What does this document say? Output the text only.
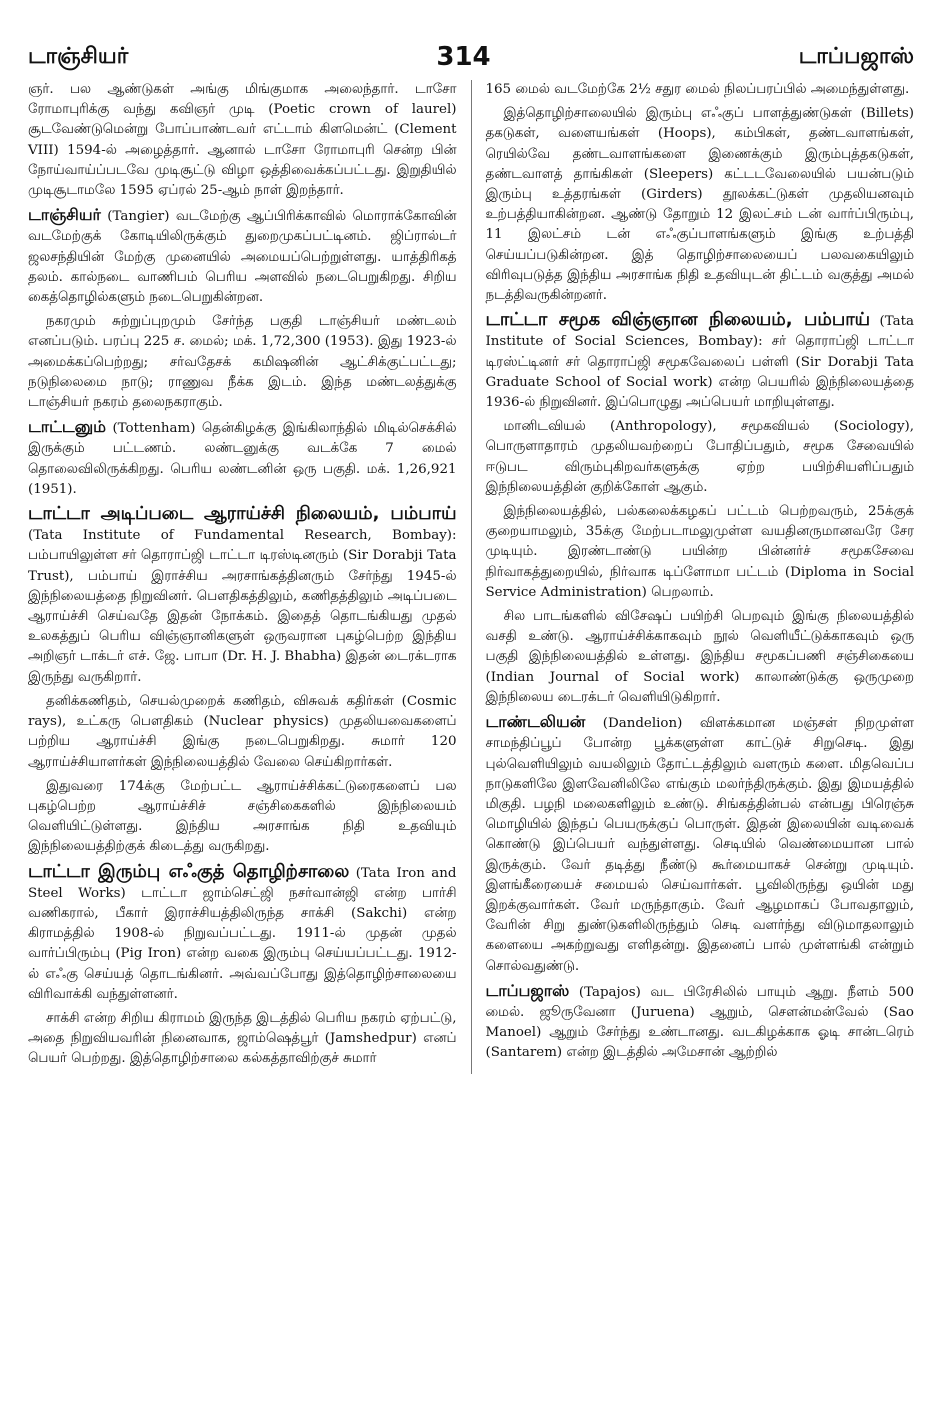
டாஞ்சியர்	314	டாப்பஜாஸ்

ஞர். பல ஆண்டுகள் அங்கு மிங்குமாக அலைந்தார். டாசோ ரோமாபுரிக்கு வந்து கவிஞர் முடி (Poetic crown of laurel) சூடவேண்டுமென்று போப்பாண்டவர் எட்டாம் கிளமென்ட் (Clement VIII) 1594-ல் அழைத்தார். ஆனால் டாசோ ரோமாபுரி சென்ற பின் நோய்வாய்ப்படவே முடிசூட்டு விழா ஒத்திவைக்கப்பட்டது. இறுதியில் முடிசூடாமலே 1595 ஏப்ரல் 25-ஆம் நாள் இறந்தார்.

டாஞ்சியர் (Tangier) வடமேற்கு ஆப்பிரிக்காவில் மொராக்கோவின் வடமேற்குக் கோடியிலிருக்கும் துறைமுகப்பட்டினம். ஜிப்ரால்டர் ஜலசந்தியின் மேற்கு முனையில் அமையப்பெற்றுள்ளது. யாத்திரிகத் தலம். கால்நடை வாணிபம் பெரிய அளவில் நடைபெறுகிறது. சிறிய கைத்தொழில்களும் நடைபெறுகின்றன.

நகரமும் சுற்றுப்புறமும் சேர்ந்த பகுதி டாஞ்சியர் மண்டலம் எனப்படும். பரப்பு 225 ச. மைல்; மக். 1,72,300 (1953). இது 1923-ல் அமைக்கப்பெற்றது; சர்வதேசக் கமிஷனின் ஆட்சிக்குட்பட்டது; நடுநிலைமை நாடு; ராணுவ நீக்க இடம். இந்த மண்டலத்துக்கு டாஞ்சியர் நகரம் தலைநகராகும்.

டாட்டனும் (Tottenham) தென்கிழக்கு இங்கிலாந்தில் மிடில்செக்சில் இருக்கும் பட்டணம். லண்டனுக்கு வடக்கே 7 மைல் தொலைவிலிருக்கிறது. பெரிய லண்டனின் ஒரு பகுதி. மக். 1,26,921 (1951).

டாட்டா அடிப்படை ஆராய்ச்சி நிலையம், பம்பாய் (Tata Institute of Fundamental Research, Bombay): பம்பாயிலுள்ள சர் தொராப்ஜி டாட்டா டிரஸ்டினரும் (Sir Dorabji Tata Trust), பம்பாய் இராச்சிய அரசாங்கத்தினரும் சேர்ந்து 1945-ல் இந்நிலையத்தை நிறுவினர். பௌதிகத்திலும், கணிதத்திலும் அடிப்படை ஆராய்ச்சி செய்வதே இதன் நோக்கம். இதைத் தொடங்கியது முதல் உலகத்துப் பெரிய விஞ்ஞானிகளுள் ஒருவரான புகழ்பெற்ற இந்திய அறிஞர் டாக்டர் எச். ஜே. பாபா (Dr. H. J. Bhabha) இதன் டைரக்டராக இருந்து வருகிறார்.

தனிக்கணிதம், செயல்முறைக் கணிதம், விசுவக் கதிர்கள் (Cosmic rays), உட்கரு பௌதிகம் (Nuclear physics) முதலியவைகளைப் பற்றிய ஆராய்ச்சி இங்கு நடைபெறுகிறது. சுமார் 120 ஆராய்ச்சியாளர்கள் இந்நிலையத்தில் வேலை செய்கிறார்கள்.

இதுவரை 174க்கு மேற்பட்ட ஆராய்ச்சிக்கட்டுரைகளைப் பல புகழ்பெற்ற ஆராய்ச்சிச் சஞ்சிகைகளில் இந்நிலையம் வெளியிட்டுள்ளது. இந்திய அரசாங்க நிதி உதவியும் இந்நிலையத்திற்குக் கிடைத்து வருகிறது.

டாட்டா இரும்பு எஃகுத் தொழிற்சாலை (Tata Iron and Steel Works) டாட்டா ஜாம்செட்ஜி நசர்வான்ஜி என்ற பார்சி வணிகரால், பீகார் இராச்சியத்திலிருந்த சாக்சி (Sakchi) என்ற கிராமத்தில் 1908-ல் நிறுவப்பட்டது. 1911-ல் முதன் முதல் வார்ப்பிரும்பு (Pig Iron) என்ற வகை இரும்பு செய்யப்பட்டது. 1912-ல் எஃகு செய்யத் தொடங்கினர். அவ்வப்போது இத்தொழிற்சாலையை விரிவாக்கி வந்துள்ளனர்.

சாக்சி என்ற சிறிய கிராமம் இருந்த இடத்தில் பெரிய நகரம் ஏற்பட்டு, அதை நிறுவியவரின் நினைவாக, ஜாம்ஷெத்பூர் (Jamshedpur) எனப் பெயர் பெற்றது. இத்தொழிற்சாலை கல்கத்தாவிற்குச் சுமார்

165 மைல் வடமேற்கே 2½ சதுர மைல் நிலப்பரப்பில் அமைந்துள்ளது.

இத்தொழிற்சாலையில் இரும்பு எஃகுப் பாளத்துண்டுகள் (Billets) தகடுகள், வளையங்கள் (Hoops), கம்பிகள், தண்டவாளங்கள், ரெயில்வே தண்டவாளங்களை இணைக்கும் இரும்புத்தகடுகள், தண்டவாளத் தாங்கிகள் (Sleepers) கட்டடவேலையில் பயன்படும் இரும்பு உத்தரங்கள் (Girders) தூலக்கட்டுகள் முதலியனவும் உற்பத்தியாகின்றன. ஆண்டு தோறும் 12 இலட்சம் டன் வார்ப்பிரும்பு, 11 இலட்சம் டன் எஃகுப்பாளங்களும் இங்கு உற்பத்தி செய்யப்படுகின்றன. இத் தொழிற்சாலையைப் பலவகையிலும் விரிவுபடுத்த இந்திய அரசாங்க நிதி உதவியுடன் திட்டம் வகுத்து அமல் நடத்திவருகின்றனர்.

டாட்டா சமூக விஞ்ஞான நிலையம், பம்பாய் (Tata Institute of Social Sciences, Bombay): சர் தொராப்ஜி டாட்டா டிரஸ்ட்டினர் சர் தொராப்ஜி சமூகவேலைப் பள்ளி (Sir Dorabji Tata Graduate School of Social work) என்ற பெயரில் இந்நிலையத்தை 1936-ல் நிறுவினர். இப்பொழுது அப்பெயர் மாறியுள்ளது.

மானிடவியல் (Anthropology), சமூகவியல் (Sociology), பொருளாதாரம் முதலியவற்றைப் போதிப்பதும், சமூக சேவையில் ஈடுபட விரும்புகிறவர்களுக்கு ஏற்ற பயிற்சியளிப்பதும் இந்நிலையத்தின் குறிக்கோள் ஆகும்.

இந்நிலையத்தில், பல்கலைக்கழகப் பட்டம் பெற்றவரும், 25க்குக் குறையாமலும், 35க்கு மேற்படாமலுமுள்ள வயதினருமானவரே சேர முடியும். இரண்டாண்டு பயின்ற பின்னர்ச் சமூகசேவை நிர்வாகத்துறையில், நிர்வாக டிப்ளோமா பட்டம் (Diploma in Social Service Administration) பெறலாம்.

சில பாடங்களில் விசேஷப் பயிற்சி பெறவும் இங்கு நிலையத்தில் வசதி உண்டு. ஆராய்ச்சிக்காகவும் நூல் வெளியீட்டுக்காகவும் ஒரு பகுதி இந்நிலையத்தில் உள்ளது. இந்திய சமூகப்பணி சஞ்சிகையை (Indian Journal of Social work) காலாண்டுக்கு ஒருமுறை இந்நிலைய டைரக்டர் வெளியிடுகிறார்.

டாண்டலியன் (Dandelion) விளக்கமான மஞ்சள் நிறமுள்ள சாமந்திப்பூப் போன்ற பூக்களுள்ள காட்டுச் சிறுசெடி. இது புல்வெளியிலும் வயலிலும் தோட்டத்திலும் வளரும் களை. மிதவெப்ப நாடுகளிலே இளவேனிலிலே எங்கும் மலர்ந்திருக்கும். இது இமயத்தில் மிகுதி. பழநி மலைகளிலும் உண்டு. சிங்கத்தின்பல் என்பது பிரெஞ்சு மொழியில் இந்தப் பெயருக்குப் பொருள். இதன் இலையின் வடிவைக் கொண்டு இப்பெயர் வந்துள்ளது. செடியில் வெண்மையான பால் இருக்கும். வேர் தடித்து நீண்டு கூர்மையாகச் சென்று முடியும். இளங்கீரையைச் சமையல் செய்வார்கள். பூவிலிருந்து ஒயின் மது இறக்குவார்கள். வேர் மருந்தாகும். வேர் ஆழமாகப் போவதாலும், வேரின் சிறு துண்டுகளிலிருந்தும் செடி வளர்ந்து விடுமாதலாலும் களையை அகற்றுவது எளிதன்று. இதனைப் பால் முள்ளங்கி என்றும் சொல்வதுண்டு.

டாப்பஜாஸ் (Tapajos) வட பிரேசிலில் பாயும் ஆறு. நீளம் 500 மைல். ஜூருவேனா (Juruena) ஆறும், சௌன்மன்வேல் (Sao Manoel) ஆறும் சேர்ந்து உண்டானது. வடகிழக்காக ஓடி சான்டரெம் (Santarem) என்ற இடத்தில் அமேசான் ஆற்றில்
